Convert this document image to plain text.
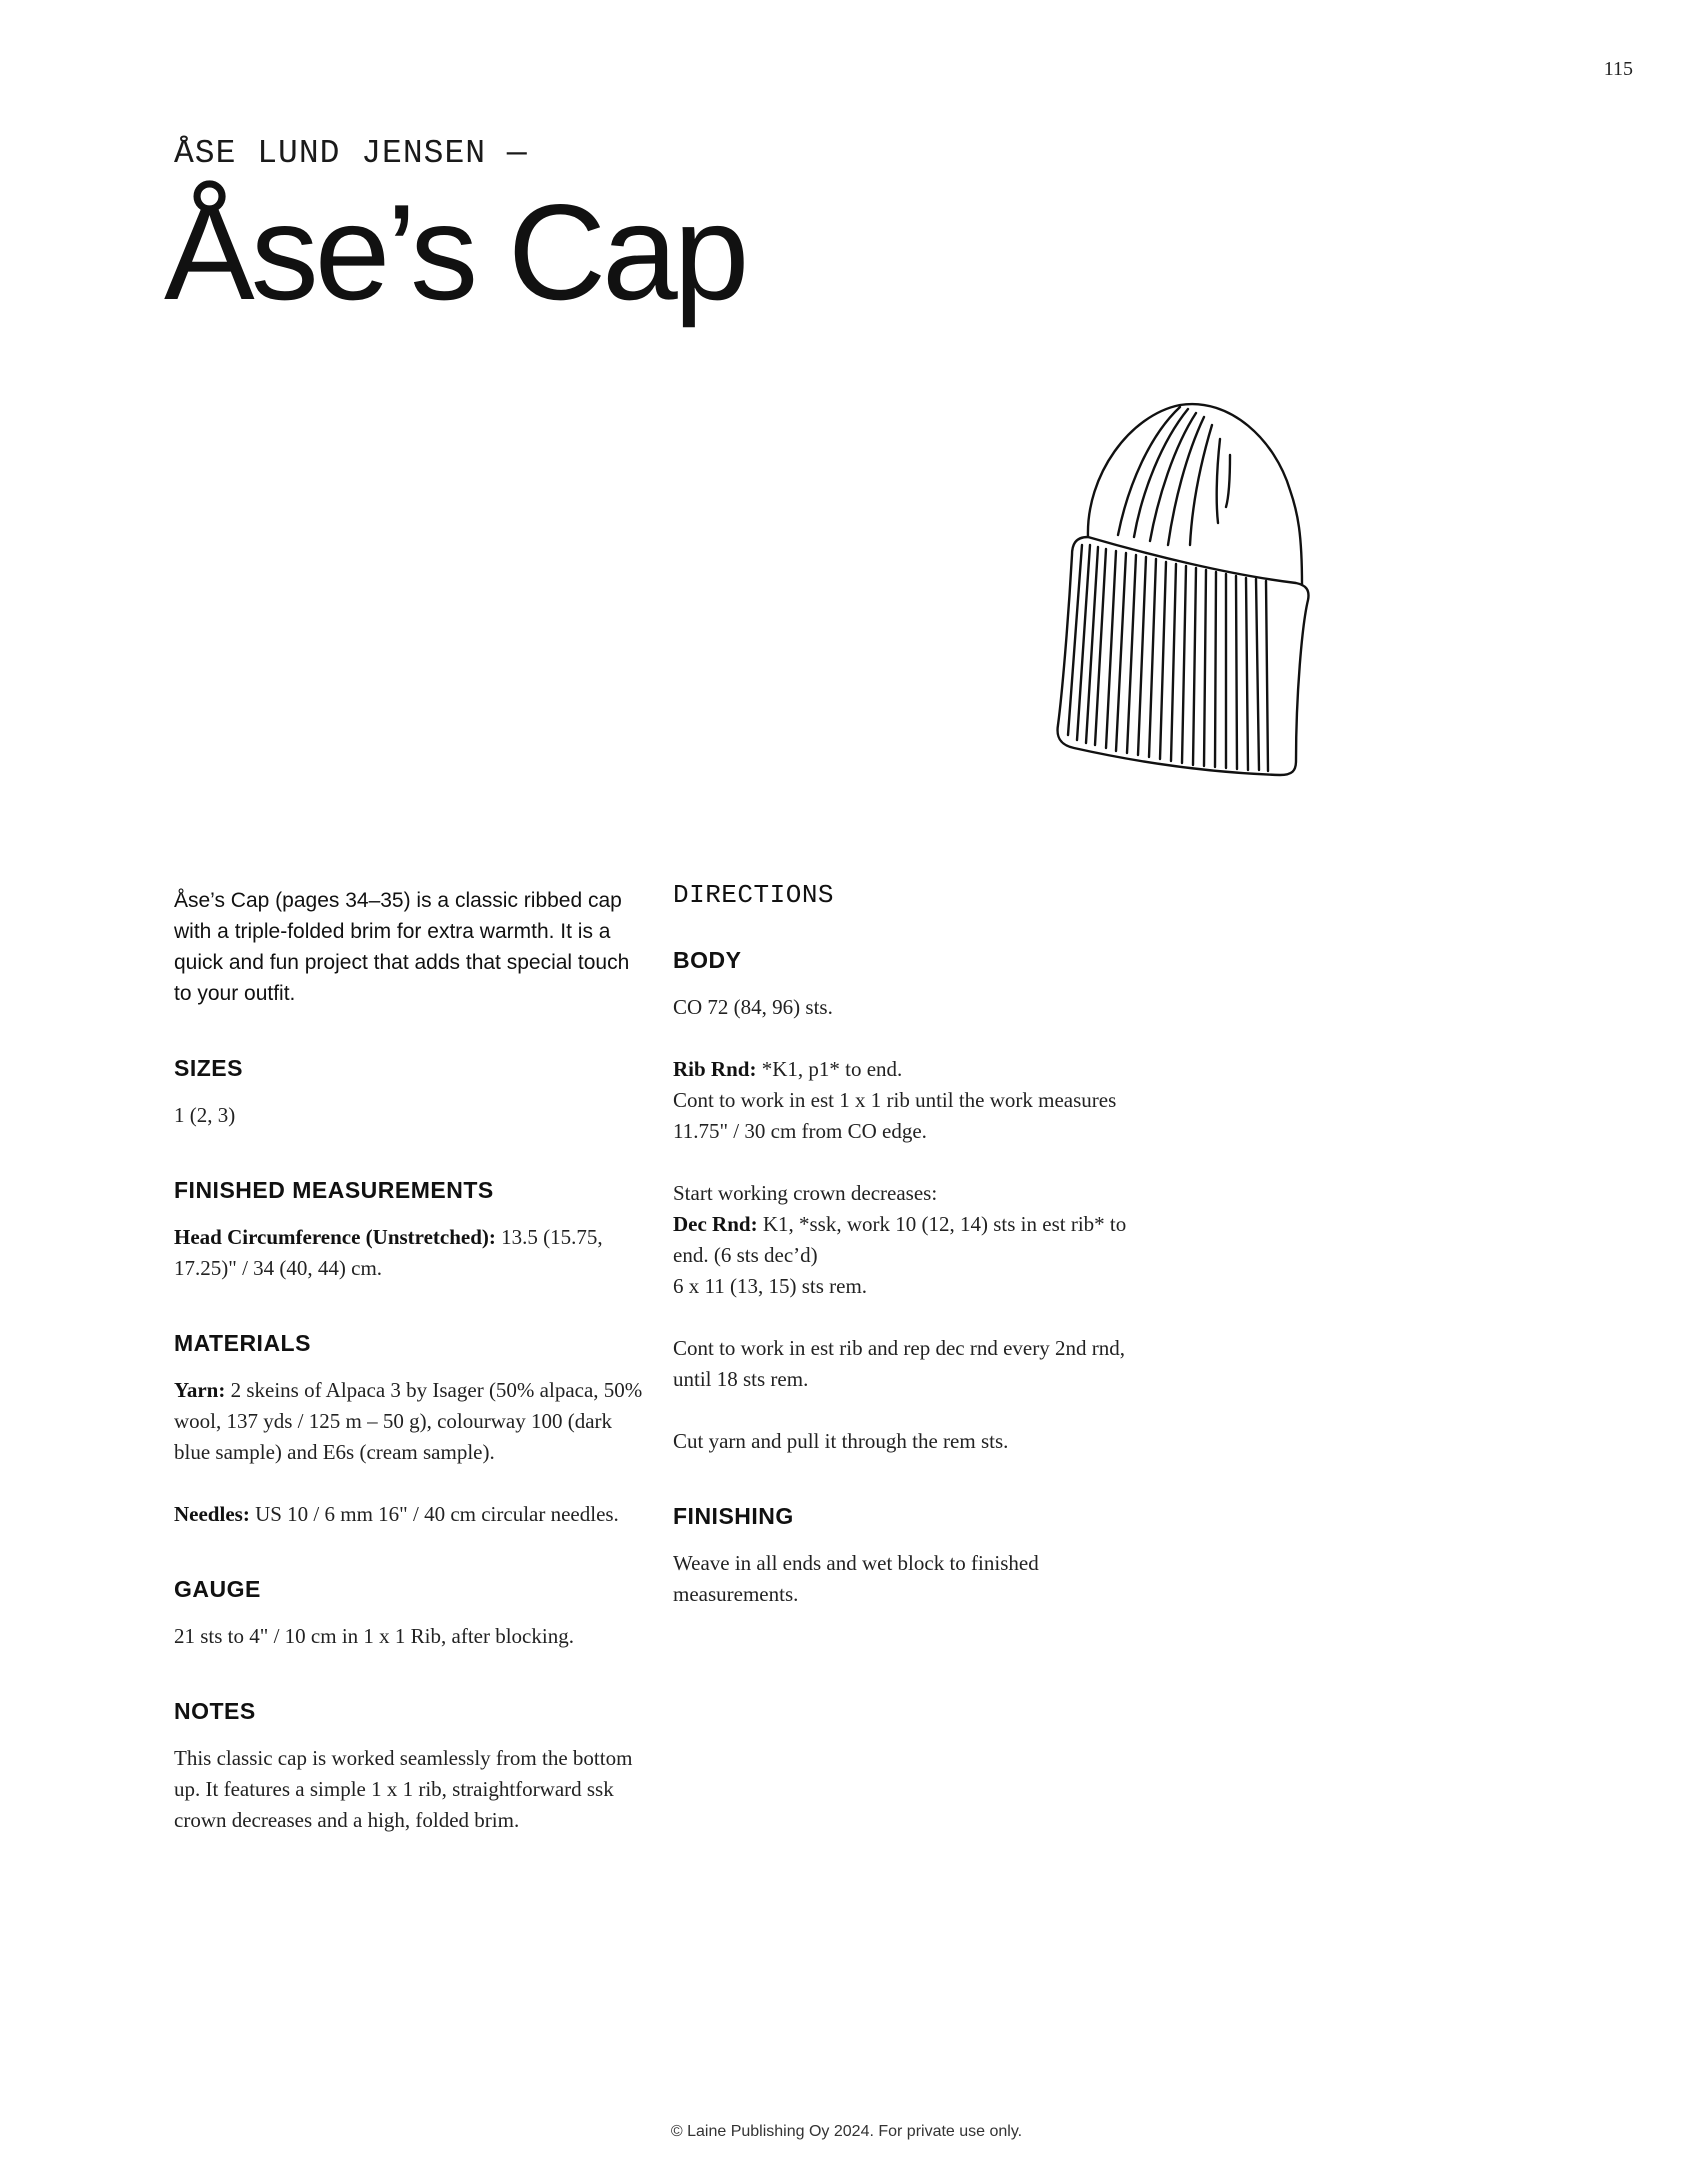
115
ÅSE LUND JENSEN —
Åse’s Cap

Åse’s Cap (pages 34–35) is a classic ribbed cap with a triple-folded brim for extra warmth. It is a quick and fun project that adds that special touch to your outfit.

SIZES

1 (2, 3)

FINISHED MEASUREMENTS

Head Circumference (Unstretched): 13.5 (15.75, 17.25)" / 34 (40, 44) cm.

MATERIALS

Yarn: 2 skeins of Alpaca 3 by Isager (50% alpaca, 50% wool, 137 yds / 125 m – 50 g), colourway 100 (dark blue sample) and E6s (cream sample).

Needles: US 10 / 6 mm 16" / 40 cm circular needles.

GAUGE

21 sts to 4" / 10 cm in 1 x 1 Rib, after blocking.

NOTES

This classic cap is worked seamlessly from the bottom up. It features a simple 1 x 1 rib, straightforward ssk crown decreases and a high, folded brim.

DIRECTIONS
BODY

CO 72 (84, 96) sts.

Rib Rnd: *K1, p1* to end.

Cont to work in est 1 x 1 rib until the work measures 11.75" / 30 cm from CO edge.

Start working crown decreases:

Dec Rnd: K1, *ssk, work 10 (12, 14) sts in est rib* to end. (6 sts dec’d)

6 x 11 (13, 15) sts rem.

Cont to work in est rib and rep dec rnd every 2nd rnd, until 18 sts rem.

Cut yarn and pull it through the rem sts.

FINISHING

Weave in all ends and wet block to finished measurements.

© Laine Publishing Oy 2024. For private use only.
